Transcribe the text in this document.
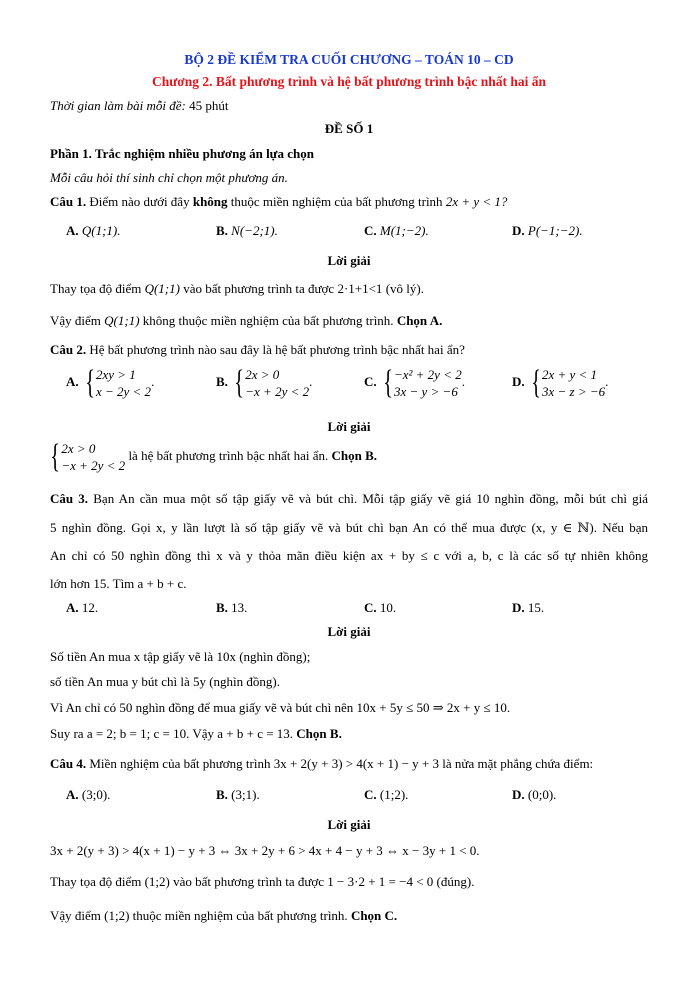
BỘ 2 ĐỀ KIỂM TRA CUỐI CHƯƠNG – TOÁN 10 – CD
Chương 2. Bất phương trình và hệ bất phương trình bậc nhất hai ẩn
Thời gian làm bài mỗi đề: 45 phút
ĐỀ SỐ 1
Phần 1. Trắc nghiệm nhiều phương án lựa chọn
Mỗi câu hỏi thí sinh chỉ chọn một phương án.
Câu 1. Điểm nào dưới đây không thuộc miền nghiệm của bất phương trình 2x + y < 1?
A. Q(1;1).	B. N(−2;1).	C. M(1;−2).	D. P(−1;−2).
Lời giải
Thay tọa độ điểm Q(1;1) vào bất phương trình ta được 2·1+1<1 (vô lý).
Vậy điểm Q(1;1) không thuộc miền nghiệm của bất phương trình. Chọn A.
Câu 2. Hệ bất phương trình nào sau đây là hệ bất phương trình bậc nhất hai ẩn?
A. { 2xy > 1
x − 2y < 2
.	B. { 2x > 0
−x + 2y < 2
.	C. { −x² + 2y < 2
3x − y > −6
.	D. { 2x + y < 1
3x − z > −6
.
Lời giải
{ 2x > 0
−x + 2y < 2
là hệ bất phương trình bậc nhất hai ẩn. Chọn B.
Câu 3. Bạn An cần mua một số tập giấy vẽ và bút chì. Mỗi tập giấy vẽ giá 10 nghìn đồng, mỗi bút chì giá
5 nghìn đồng. Gọi x, y lần lượt là số tập giấy vẽ và bút chì bạn An có thể mua được (x, y ∈ ℕ). Nếu bạn
An chỉ có 50 nghìn đồng thì x và y thỏa mãn điều kiện ax + by ≤ c với a, b, c là các số tự nhiên không
lớn hơn 15. Tìm a + b + c.
A. 12.	B. 13.	C. 10.	D. 15.
Lời giải
Số tiền An mua x tập giấy vẽ là 10x (nghìn đồng);
số tiền An mua y bút chì là 5y (nghìn đồng).
Vì An chỉ có 50 nghìn đồng để mua giấy vẽ và bút chì nên 10x + 5y ≤ 50 ⇒ 2x + y ≤ 10.
Suy ra a = 2; b = 1; c = 10. Vậy a + b + c = 13. Chọn B.
Câu 4. Miền nghiệm của bất phương trình 3x + 2(y + 3) > 4(x + 1) − y + 3 là nửa mặt phẳng chứa điểm:
A. (3;0).	B. (3;1).	C. (1;2).	D. (0;0).
Lời giải
3x + 2(y + 3) > 4(x + 1) − y + 3 ⇔ 3x + 2y + 6 > 4x + 4 − y + 3 ⇔ x − 3y + 1 < 0.
Thay tọa độ điểm (1;2) vào bất phương trình ta được 1 − 3·2 + 1 = −4 < 0 (đúng).
Vậy điểm (1;2) thuộc miền nghiệm của bất phương trình. Chọn C.
